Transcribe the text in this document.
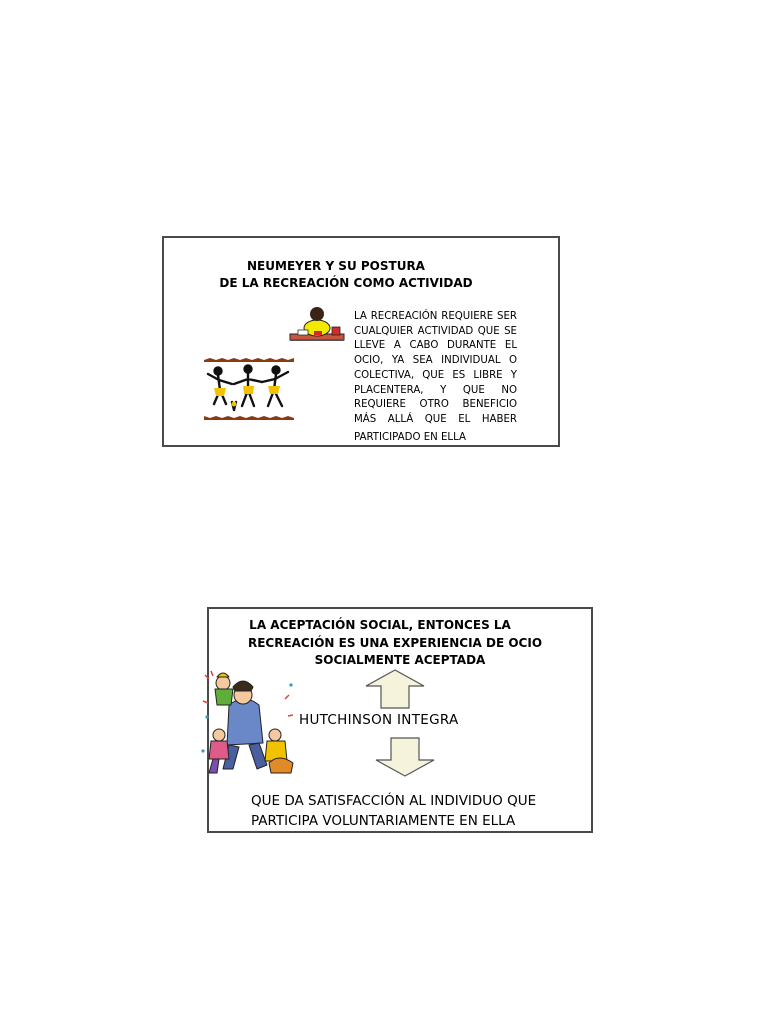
NEUMEYER Y SU POSTURA
DE LA RECREACIÓN COMO ACTIVIDAD
LA RECREACIÓN REQUIERE SER CUALQUIER ACTIVIDAD QUE SE LLEVE A CABO DURANTE EL OCIO, YA SEA INDIVIDUAL O COLECTIVA, QUE ES LIBRE Y PLACENTERA, Y QUE NO REQUIERE OTRO BENEFICIO MÁS ALLÁ QUE EL HABER
PARTICIPADO EN ELLA
LA ACEPTACIÓN SOCIAL, ENTONCES LA
RECREACIÓN ES UNA EXPERIENCIA DE OCIO
SOCIALMENTE ACEPTADA
HUTCHINSON INTEGRA
QUE DA SATISFACCIÓN AL INDIVIDUO QUE
PARTICIPA VOLUNTARIAMENTE EN ELLA
